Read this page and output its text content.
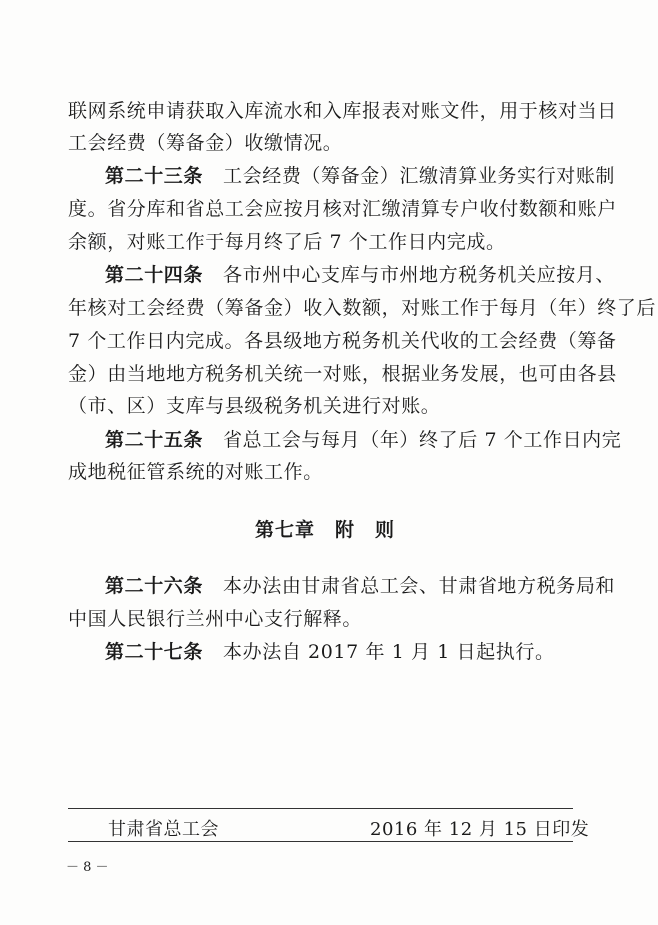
联网系统申请获取入库流水和入库报表对账文件，用于核对当日
工会经费（筹备金）收缴情况。
第二十三条 工会经费（筹备金）汇缴清算业务实行对账制
度。省分库和省总工会应按月核对汇缴清算专户收付数额和账户
余额，对账工作于每月终了后 7 个工作日内完成。
第二十四条 各市州中心支库与市州地方税务机关应按月、
年核对工会经费（筹备金）收入数额，对账工作于每月（年）终了后
7 个工作日内完成。各县级地方税务机关代收的工会经费（筹备
金）由当地地方税务机关统一对账，根据业务发展，也可由各县
（市、区）支库与县级税务机关进行对账。
第二十五条 省总工会与每月（年）终了后 7 个工作日内完
成地税征管系统的对账工作。
第七章　附　则
第二十六条 本办法由甘肃省总工会、甘肃省地方税务局和
中国人民银行兰州中心支行解释。
第二十七条 本办法自 2017 年 1 月 1 日起执行。
甘肃省总工会	2016 年 12 月 15 日印发
－ 8 －
